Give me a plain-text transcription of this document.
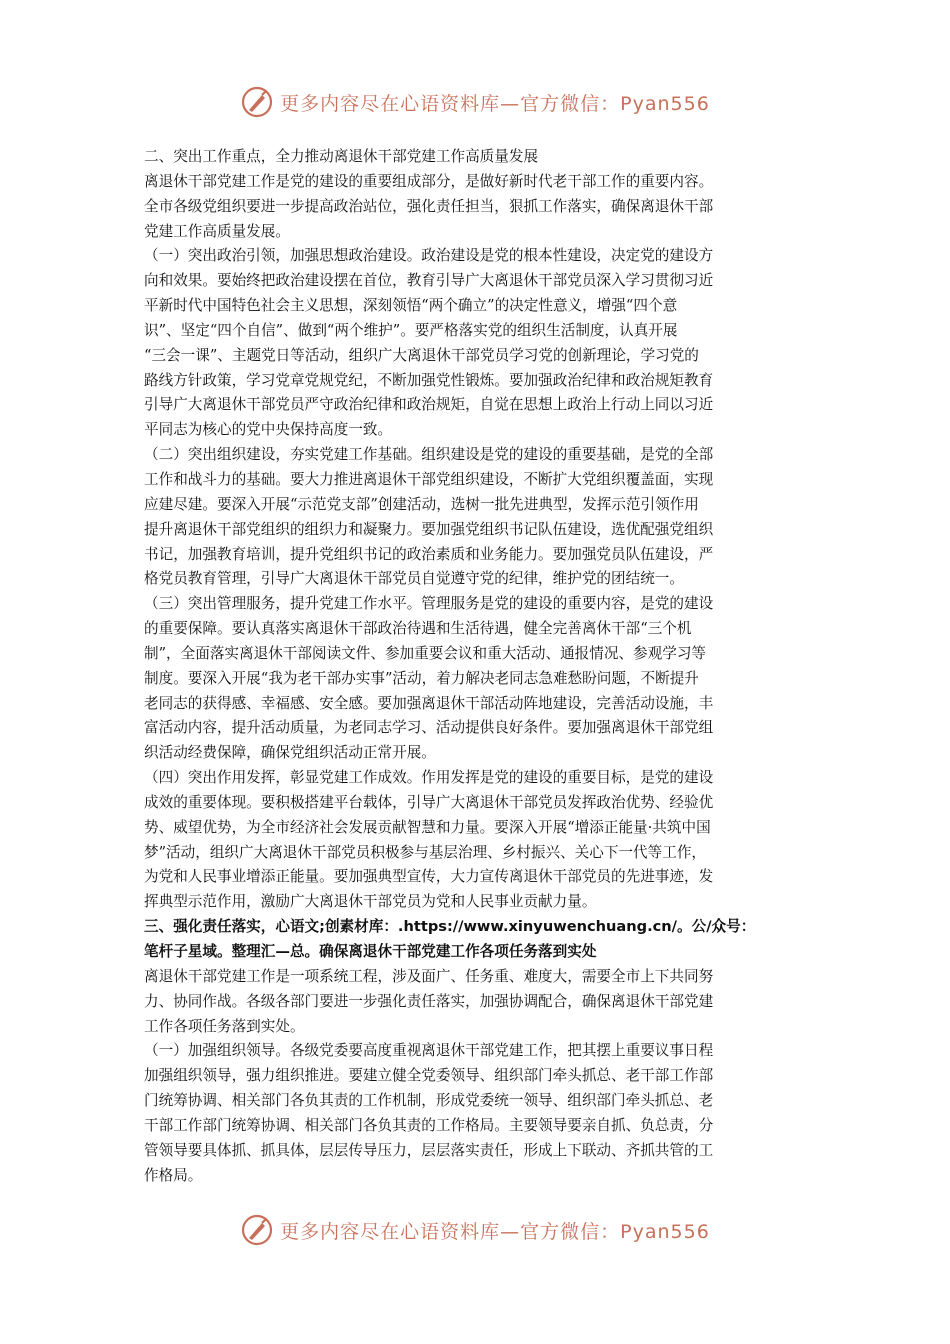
更多内容尽在心语资料库—官方微信：Pyan556
二、突出工作重点，全力推动离退休干部党建工作高质量发展
离退休干部党建工作是党的建设的重要组成部分，是做好新时代老干部工作的重要内容。
全市各级党组织要进一步提高政治站位，强化责任担当，狠抓工作落实，确保离退休干部
党建工作高质量发展。
（一）突出政治引领，加强思想政治建设。政治建设是党的根本性建设，决定党的建设方
向和效果。要始终把政治建设摆在首位，教育引导广大离退休干部党员深入学习贯彻习近
平新时代中国特色社会主义思想，深刻领悟“两个确立”的决定性意义，增强“四个意
识”、坚定“四个自信”、做到“两个维护”。要严格落实党的组织生活制度，认真开展
“三会一课”、主题党日等活动，组织广大离退休干部党员学习党的创新理论，学习党的
路线方针政策，学习党章党规党纪，不断加强党性锻炼。要加强政治纪律和政治规矩教育
引导广大离退休干部党员严守政治纪律和政治规矩，自觉在思想上政治上行动上同以习近
平同志为核心的党中央保持高度一致。
（二）突出组织建设，夯实党建工作基础。组织建设是党的建设的重要基础，是党的全部
工作和战斗力的基础。要大力推进离退休干部党组织建设，不断扩大党组织覆盖面，实现
应建尽建。要深入开展“示范党支部”创建活动，选树一批先进典型，发挥示范引领作用
提升离退休干部党组织的组织力和凝聚力。要加强党组织书记队伍建设，选优配强党组织
书记，加强教育培训，提升党组织书记的政治素质和业务能力。要加强党员队伍建设，严
格党员教育管理，引导广大离退休干部党员自觉遵守党的纪律，维护党的团结统一。
（三）突出管理服务，提升党建工作水平。管理服务是党的建设的重要内容，是党的建设
的重要保障。要认真落实离退休干部政治待遇和生活待遇，健全完善离休干部“三个机
制”，全面落实离退休干部阅读文件、参加重要会议和重大活动、通报情况、参观学习等
制度。要深入开展“我为老干部办实事”活动，着力解决老同志急难愁盼问题，不断提升
老同志的获得感、幸福感、安全感。要加强离退休干部活动阵地建设，完善活动设施，丰
富活动内容，提升活动质量，为老同志学习、活动提供良好条件。要加强离退休干部党组
织活动经费保障，确保党组织活动正常开展。
（四）突出作用发挥，彰显党建工作成效。作用发挥是党的建设的重要目标，是党的建设
成效的重要体现。要积极搭建平台载体，引导广大离退休干部党员发挥政治优势、经验优
势、威望优势，为全市经济社会发展贡献智慧和力量。要深入开展“增添正能量·共筑中国
梦”活动，组织广大离退休干部党员积极参与基层治理、乡村振兴、关心下一代等工作，
为党和人民事业增添正能量。要加强典型宣传，大力宣传离退休干部党员的先进事迹，发
挥典型示范作用，激励广大离退休干部党员为党和人民事业贡献力量。
三、强化责任落实，心语文;创素材库：.https://www.xinyuwenchuang.cn/。公/众号：
笔杆子星域。整理汇—总。确保离退休干部党建工作各项任务落到实处
离退休干部党建工作是一项系统工程，涉及面广、任务重、难度大，需要全市上下共同努
力、协同作战。各级各部门要进一步强化责任落实，加强协调配合，确保离退休干部党建
工作各项任务落到实处。
（一）加强组织领导。各级党委要高度重视离退休干部党建工作，把其摆上重要议事日程
加强组织领导，强力组织推进。要建立健全党委领导、组织部门牵头抓总、老干部工作部
门统筹协调、相关部门各负其责的工作机制，形成党委统一领导、组织部门牵头抓总、老
干部工作部门统筹协调、相关部门各负其责的工作格局。主要领导要亲自抓、负总责，分
管领导要具体抓、抓具体，层层传导压力，层层落实责任，形成上下联动、齐抓共管的工
作格局。
更多内容尽在心语资料库—官方微信：Pyan556
